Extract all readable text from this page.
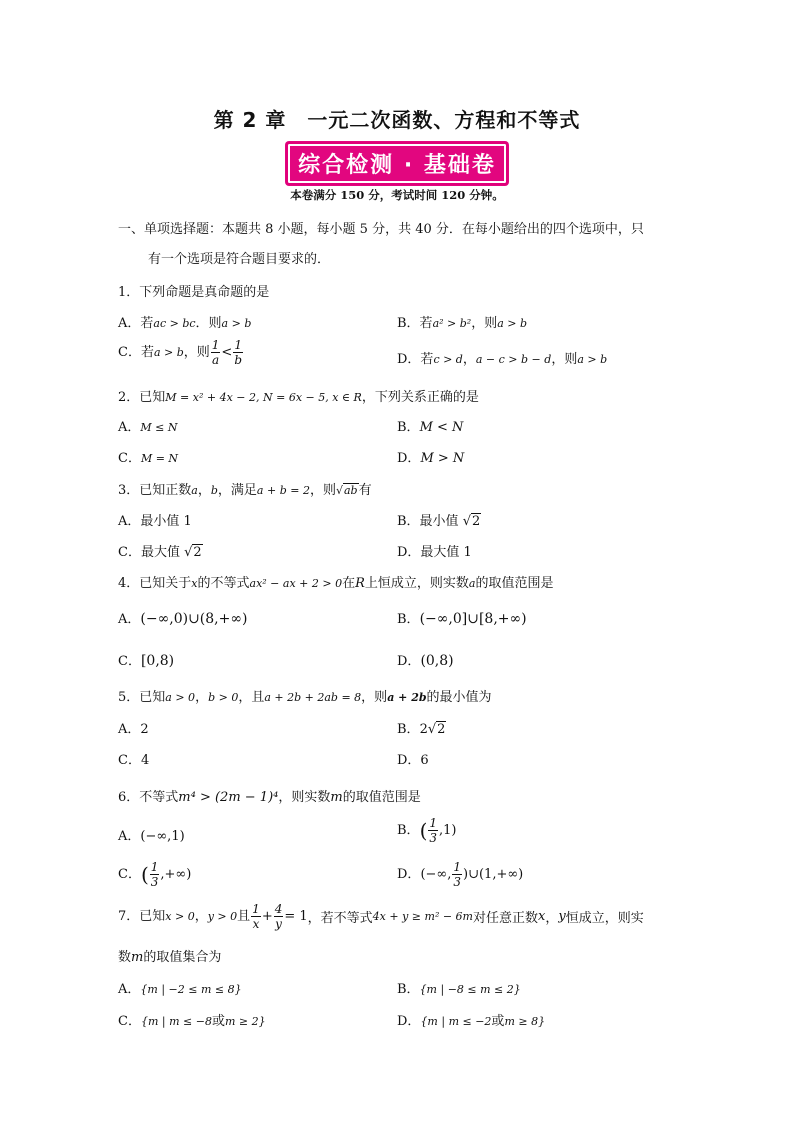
第 2 章　一元二次函数、方程和不等式
综合检测 · 基础卷
本卷满分 150 分，考试时间 120 分钟。
一、单项选择题：本题共 8 小题，每小题 5 分，共 40 分．在每小题给出的四个选项中，只
有一个选项是符合题目要求的．
1．下列命题是真命题的是
A．若ac > bc．则a > b	B．若a² > b²，则a > b
C．若a > b，则 $\frac{1}{a} < \frac{1}{b}$	D．若c > d，a − c > b − d，则a > b
2．已知M = x² + 4x − 2, N = 6x − 5, x ∈ R，下列关系正确的是
A．M ≤ N	B．M < N
C．M = N	D．M > N
3．已知正数a，b，满足a + b = 2，则√ab有
A．最小值 1	B．最小值 √2
C．最大值 √2	D．最大值 1
4．已知关于x的不等式ax² − ax + 2 > 0在R上恒成立，则实数a的取值范围是
A．(−∞,0)∪(8,+∞)	B．(−∞,0]∪[8,+∞)
C．[0,8)	D．(0,8)
5．已知a > 0，b > 0，且a + 2b + 2ab = 8，则a + 2b的最小值为
A．2	B．2√2
C．4	D．6
6．不等式m⁴ > (2m − 1)⁴，则实数m的取值范围是
A．(−∞,1)	B．( $\frac{1}{3} ,1$)
C．( $\frac{1}{3}$ ,+∞)	D．(−∞, $\frac{1}{3}$ )∪(1,+∞)
7．已知x > 0，y > 0且 $\frac{1}{x} + \frac{4}{y} = 1$，若不等式4x + y ≥ m² − 6m对任意正数x，y恒成立，则实
数m的取值集合为
A．{m | −2 ≤ m ≤ 8}	B．{m | −8 ≤ m ≤ 2}
C．{m | m ≤ −8或m ≥ 2}	D．{m | m ≤ −2或m ≥ 8}
